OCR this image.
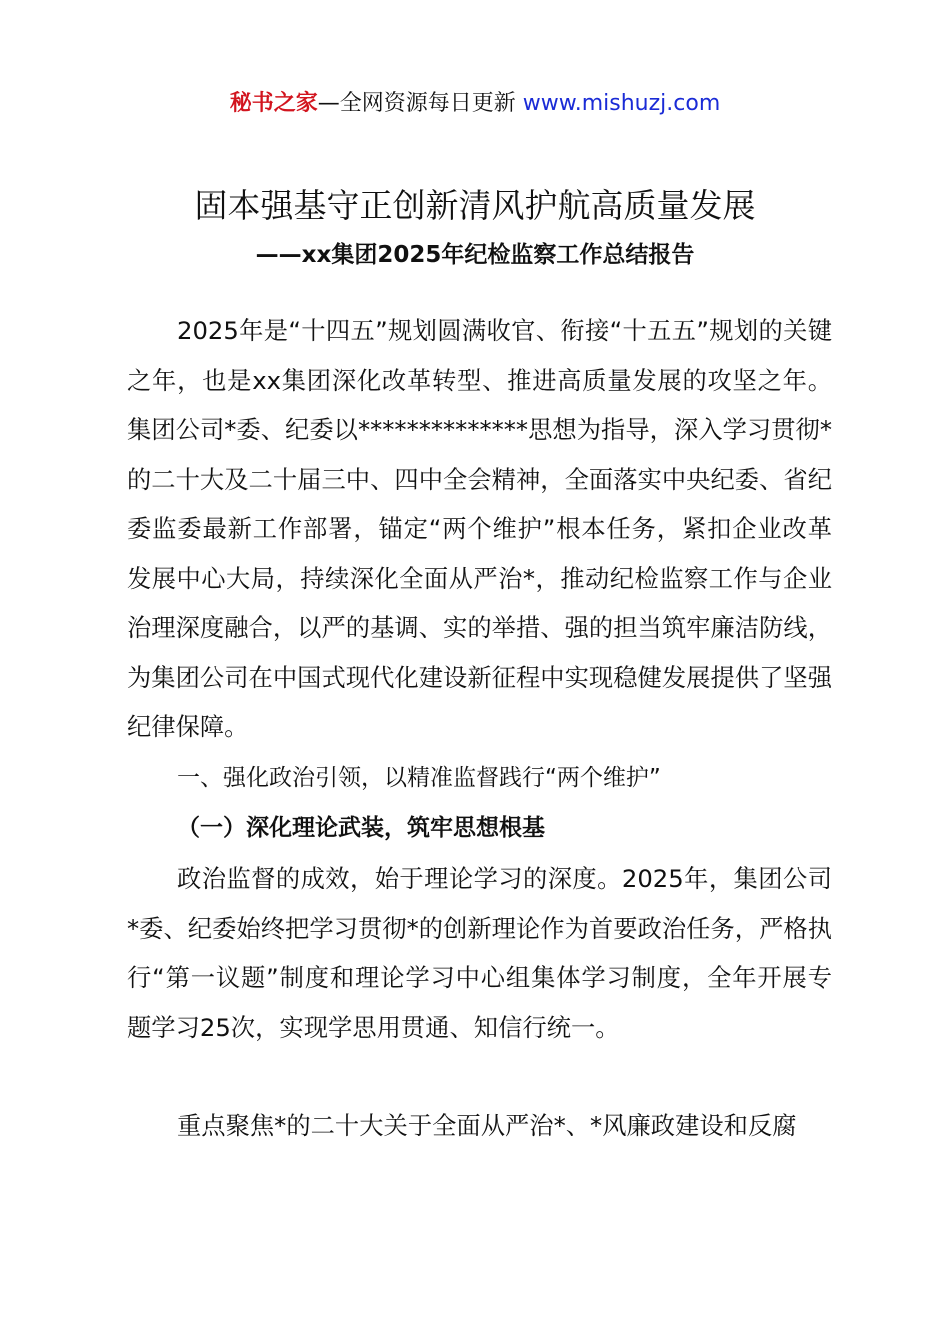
秘书之家—全网资源每日更新 www.mishuzj.com
固本强基守正创新清风护航高质量发展
——xx集团2025年纪检监察工作总结报告
2025年是“十四五”规划圆满收官、衔接“十五五”规划的关键之年，也是xx集团深化改革转型、推进高质量发展的攻坚之年。集团公司*委、纪委以**************思想为指导，深入学习贯彻*的二十大及二十届三中、四中全会精神，全面落实中央纪委、省纪委监委最新工作部署，锚定“两个维护”根本任务，紧扣企业改革发展中心大局，持续深化全面从严治*，推动纪检监察工作与企业治理深度融合，以严的基调、实的举措、强的担当筑牢廉洁防线，为集团公司在中国式现代化建设新征程中实现稳健发展提供了坚强纪律保障。
一、强化政治引领，以精准监督践行“两个维护”
（一）深化理论武装，筑牢思想根基
政治监督的成效，始于理论学习的深度。2025年，集团公司*委、纪委始终把学习贯彻*的创新理论作为首要政治任务，严格执行“第一议题”制度和理论学习中心组集体学习制度，全年开展专题学习25次，实现学思用贯通、知信行统一。
重点聚焦*的二十大关于全面从严治*、*风廉政建设和反腐
